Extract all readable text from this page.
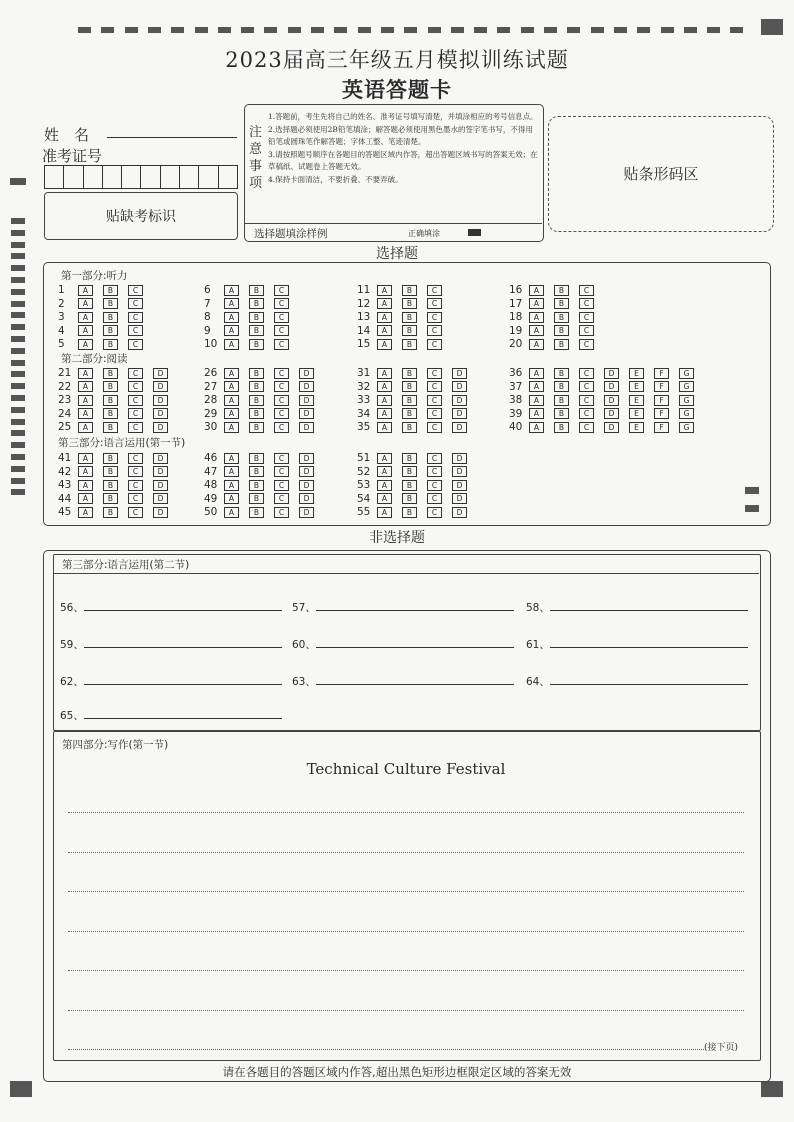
2023届高三年级五月模拟训练试题
英语答题卡
姓　名
准考证号
贴缺考标识
注意事项
1.答题前，考生先将自己的姓名、准考证号填写清楚，并填涂相应的考号信息点。
2.选择题必须使用2B铅笔填涂；解答题必须使用黑色墨水的签字笔书写，不得用铅笔或圆珠笔作解答题；字体工整、笔迹清楚。
3.请按照题号顺序在各题目的答题区域内作答，超出答题区域书写的答案无效；在草稿纸、试题卷上答题无效。
4.保持卡面清洁，不要折叠、不要弄破。
选择题填涂样例	正确填涂
贴条形码区
选择题
第一部分:听力
第二部分:阅读
第三部分:语言运用(第一节)
1 A	B	C
2 A	B	C
3 A	B	C
4 A	B	C
5 A	B	C
6 A	B	C
7 A	B	C
8 A	B	C
9 A	B	C
10 A	B	C
11 A	B	C
12 A	B	C
13 A	B	C
14 A	B	C
15 A	B	C
16 A	B	C
17 A	B	C
18 A	B	C
19 A	B	C
20 A	B	C
21 A	B	C	D
22 A	B	C	D
23 A	B	C	D
24 A	B	C	D
25 A	B	C	D
26 A	B	C	D
27 A	B	C	D
28 A	B	C	D
29 A	B	C	D
30 A	B	C	D
31 A	B	C	D
32 A	B	C	D
33 A	B	C	D
34 A	B	C	D
35 A	B	C	D
36 A	B	C	D	E	F	G
37 A	B	C	D	E	F	G
38 A	B	C	D	E	F	G
39 A	B	C	D	E	F	G
40 A	B	C	D	E	F	G
41 A	B	C	D
42 A	B	C	D
43 A	B	C	D
44 A	B	C	D
45 A	B	C	D
46 A	B	C	D
47 A	B	C	D
48 A	B	C	D
49 A	B	C	D
50 A	B	C	D
51 A	B	C	D
52 A	B	C	D
53 A	B	C	D
54 A	B	C	D
55 A	B	C	D
非选择题
第三部分:语言运用(第二节)
56、	57、	58、
59、	60、	61、
62、	63、	64、
65、
第四部分:写作(第一节)
Technical Culture Festival
(接下页)
请在各题目的答题区域内作答,超出黑色矩形边框限定区域的答案无效
